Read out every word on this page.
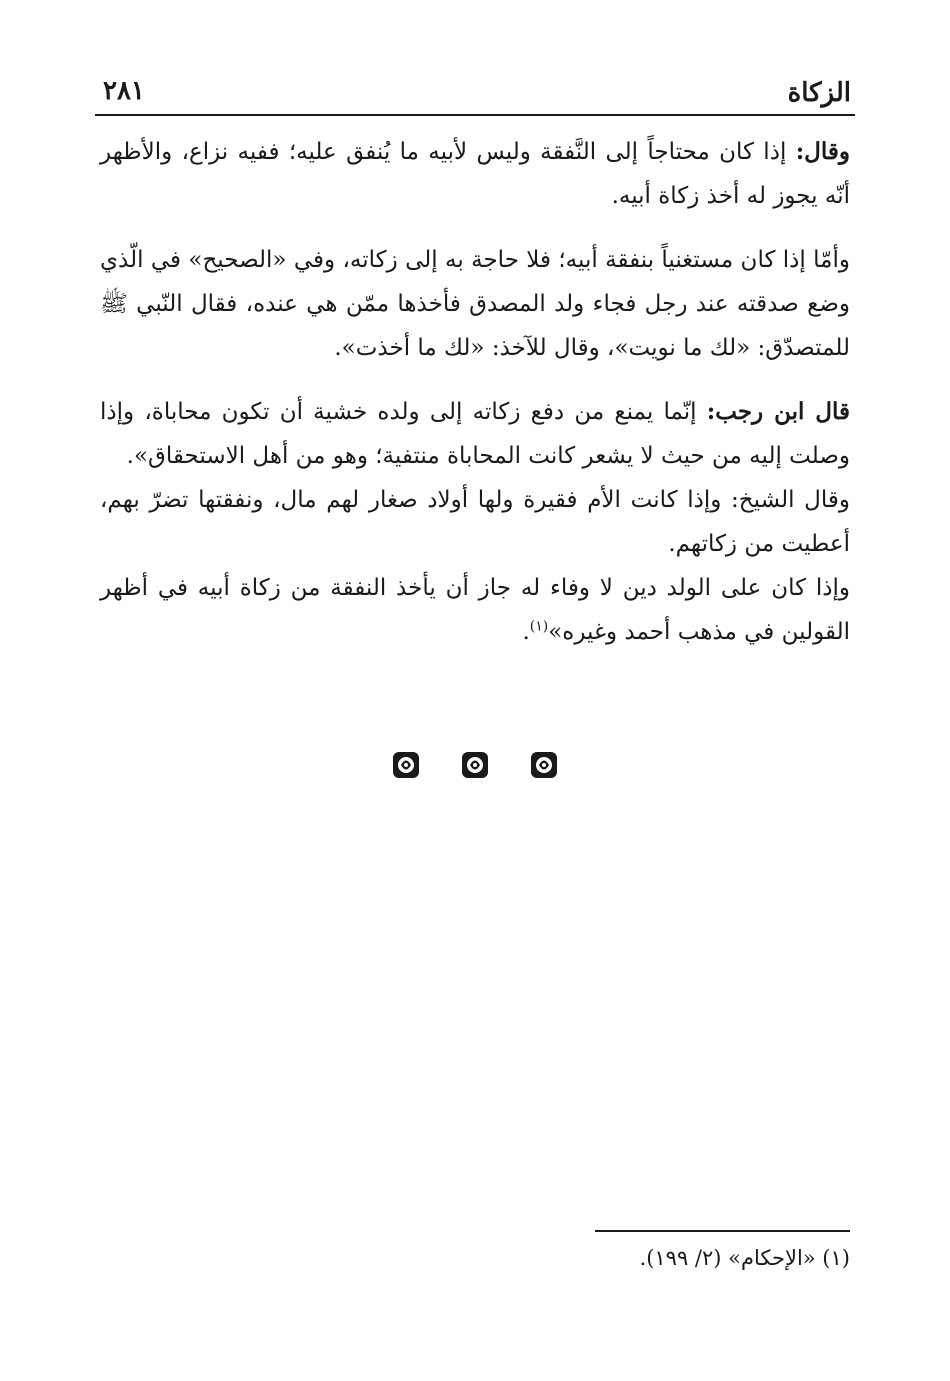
٢٨١	الزكاة

وقال: إذا كان محتاجاً إلى النَّفقة وليس لأبيه ما يُنفق عليه؛ ففيه نزاع، والأظهر أنّه يجوز له أخذ زكاة أبيه.

وأمّا إذا كان مستغنياً بنفقة أبيه؛ فلا حاجة به إلى زكاته، وفي «الصحيح» في الّذي وضع صدقته عند رجل فجاء ولد المصدق فأخذها ممّن هي عنده، فقال النّبي ﷺ للمتصدّق: «لك ما نويت»، وقال للآخذ: «لك ما أخذت».

قال ابن رجب: إنّما يمنع من دفع زكاته إلى ولده خشية أن تكون محاباة، وإذا وصلت إليه من حيث لا يشعر كانت المحاباة منتفية؛ وهو من أهل الاستحقاق».

وقال الشيخ: وإذا كانت الأم فقيرة ولها أولاد صغار لهم مال، ونفقتها تضرّ بهم، أعطيت من زكاتهم.

وإذا كان على الولد دين لا وفاء له جاز أن يأخذ النفقة من زكاة أبيه في أظهر القولين في مذهب أحمد وغيره»$^{(١)}$.

(١) «الإحكام» (٢/ ١٩٩).
